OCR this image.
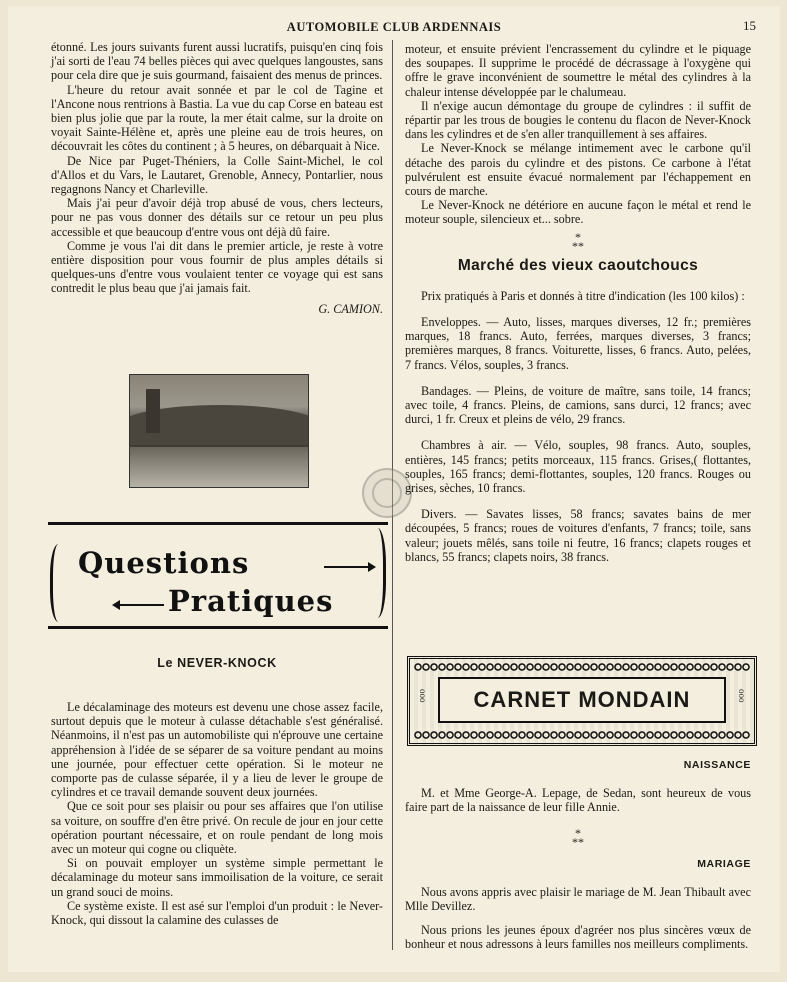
AUTOMOBILE CLUB ARDENNAIS	15

étonné. Les jours suivants furent aussi lucratifs, puisqu'en cinq fois j'ai sorti de l'eau 74 belles pièces qui avec quelques langoustes, sans pour cela dire que je suis gourmand, faisaient des menus de princes.

L'heure du retour avait sonnée et par le col de Tagine et l'Ancone nous rentrions à Bastia. La vue du cap Corse en bateau est bien plus jolie que par la route, la mer était calme, sur la droite on voyait Sainte-Hélène et, après une pleine eau de trois heures, on découvrait les côtes du continent ; à 5 heures, on débarquait à Nice.

De Nice par Puget-Théniers, la Colle Saint-Michel, le col d'Allos et du Vars, le Lautaret, Grenoble, Annecy, Pontarlier, nous regagnons Nancy et Charleville.

Mais j'ai peur d'avoir déjà trop abusé de vous, chers lecteurs, pour ne pas vous donner des détails sur ce retour un peu plus accessible et que beaucoup d'entre vous ont déjà dû faire.

Comme je vous l'ai dit dans le premier article, je reste à votre entière disposition pour vous fournir de plus amples détails si quelques-uns d'entre vous voulaient tenter ce voyage qui est sans contredit le plus beau que j'ai jamais fait.

G. CAMION.

Questions
Pratiques
Le NEVER-KNOCK

Le décalaminage des moteurs est devenu une chose assez facile, surtout depuis que le moteur à culasse détachable s'est généralisé. Néanmoins, il n'est pas un automobiliste qui n'éprouve une certaine appréhension à l'idée de se séparer de sa voiture pendant au moins une journée, pour effectuer cette opération. Si le moteur ne comporte pas de culasse séparée, il y a lieu de lever le groupe de cylindres et ce travail demande souvent deux journées.

Que ce soit pour ses plaisir ou pour ses affaires que l'on utilise sa voiture, on souffre d'en être privé. On recule de jour en jour cette opération pourtant nécessaire, et on roule pendant de long mois avec un moteur qui cogne ou cliquète.

Si on pouvait employer un système simple permettant le décalaminage du moteur sans immoilisation de la voiture, ce serait un grand souci de moins.

Ce système existe. Il est asé sur l'emploi d'un produit : le Never-Knock, qui dissout la calamine des culasses de

moteur, et ensuite prévient l'encrassement du cylindre et le piquage des soupapes. Il supprime le procédé de décrassage à l'oxygène qui offre le grave inconvénient de soumettre le métal des cylindres à la chaleur intense développée par le chalumeau.

Il n'exige aucun démontage du groupe de cylindres : il suffit de répartir par les trous de bougies le contenu du flacon de Never-Knock dans les cylindres et de s'en aller tranquillement à ses affaires.

Le Never-Knock se mélange intimement avec le carbone qu'il détache des parois du cylindre et des pistons. Ce carbone à l'état pulvérulent est ensuite évacué normalement par l'échappement en cours de marche.

Le Never-Knock ne détériore en aucune façon le métal et rend le moteur souple, silencieux et... sobre.

*
**

Marché des vieux caoutchoucs

Prix pratiqués à Paris et donnés à titre d'indication (les 100 kilos) :

Enveloppes. — Auto, lisses, marques diverses, 12 fr.; premières marques, 18 francs. Auto, ferrées, marques diverses, 3 francs; premières marques, 8 francs. Voiturette, lisses, 6 francs. Auto, pelées, 7 francs. Vélos, souples, 3 francs.

Bandages. — Pleins, de voiture de maître, sans toile, 14 francs; avec toile, 4 francs. Pleins, de camions, sans durci, 12 francs; avec durci, 1 fr. Creux et pleins de vélo, 29 francs.

Chambres à air. — Vélo, souples, 98 francs. Auto, souples, entières, 145 francs; petits morceaux, 115 francs. Grises,( flottantes, souples, 165 francs; demi-flottantes, souples, 120 francs. Rouges ou grises, sèches, 10 francs.

Divers. — Savates lisses, 58 francs; savates bains de mer découpées, 5 francs; roues de voitures d'enfants, 7 francs; toile, sans valeur; jouets mêlés, sans toile ni feutre, 16 francs; clapets rouges et blancs, 55 francs; clapets noirs, 38 francs.

ooo	CARNET MONDAIN	ooo

NAISSANCE

M. et Mme George-A. Lepage, de Sedan, sont heureux de vous faire part de la naissance de leur fille Annie.

*
**

MARIAGE

Nous avons appris avec plaisir le mariage de M. Jean Thibault avec Mlle Devillez.

Nous prions les jeunes époux d'agréer nos plus sincères vœux de bonheur et nous adressons à leurs familles nos meilleurs compliments.
